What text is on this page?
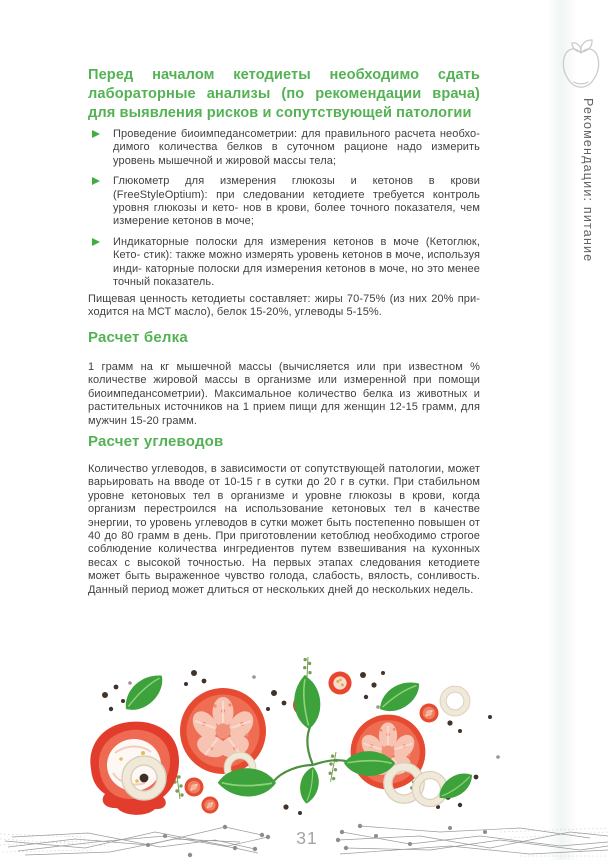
Рекомендации: питание
Перед началом кетодиеты необходимо сдать лабораторные анализы (по рекомендации врача) для выявления рисков и сопутствующей патологии
Проведение биоимпедансометрии: для правильного расчета необхо- димого количества белков в суточном рационе надо измерить уровень мышечной и жировой массы тела;
Глюкометр для измерения глюкозы и кетонов в крови (FreeStyleOptium): при следовании кетодиете требуется контроль уровня глюкозы и кето- нов в крови, более точного показателя, чем измерение кетонов в моче;
Индикаторные полоски для измерения кетонов в моче (Кетоглюк, Кето- стик): также можно измерять уровень кетонов в моче, используя инди- каторные полоски для измерения кетонов в моче, но это менее точный показатель.
Пищевая ценность кетодиеты составляет: жиры 70-75% (из них 20% при- ходится на МСТ масло), белок 15-20%, углеводы 5-15%.
Расчет белка
1 грамм на кг мышечной массы (вычисляется или при известном % количестве жировой массы в организме или измеренной при помощи биоимпедансометрии). Максимальное количество белка из животных и растительных источников на 1 прием пищи для женщин 12-15 грамм, для мужчин 15-20 грамм.
Расчет углеводов
Количество углеводов, в зависимости от сопутствующей патологии, может варьировать на вводе от 10-15 г в сутки до 20 г в сутки. При стабильном уровне кетоновых тел в организме и уровне глюкозы в крови, когда организм перестроился на использование кетоновых тел в качестве энергии, то уровень углеводов в сутки может быть постепенно повышен от 40 до 80 грамм в день. При приготовлении кетоблюд необходимо строгое соблюдение количества ингредиентов путем взвешивания на кухонных весах с высокой точностью. На первых этапах следования кетодиете может быть выраженное чувство голода, слабость, вялость, сонливость. Данный период может длиться от нескольких дней до нескольких недель.
31
